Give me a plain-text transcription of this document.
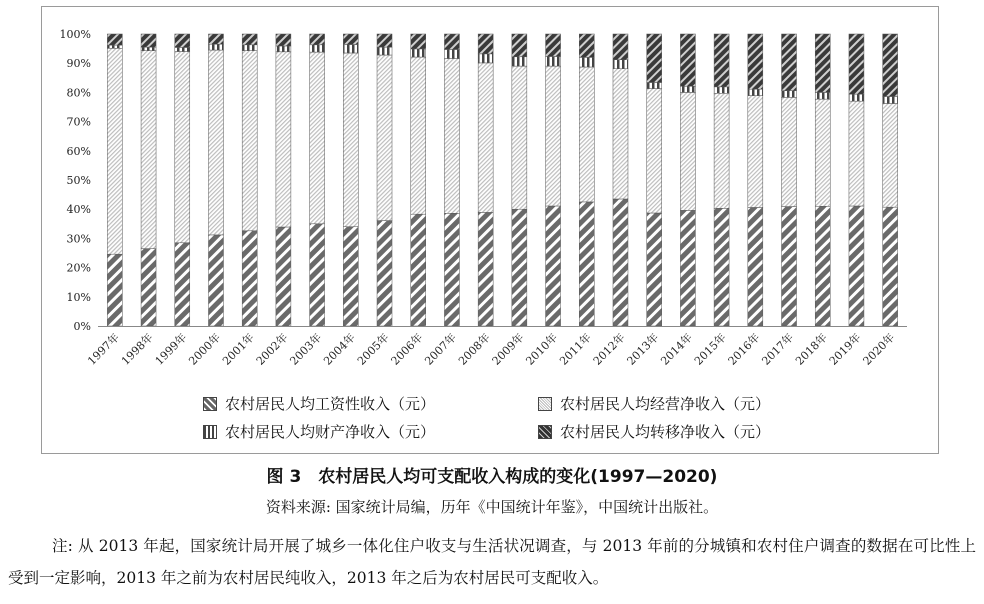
0%
10%
20%
30%
40%
50%
60%
70%
80%
90%
100%
1997年
1998年
1999年
2000年
2001年
2002年
2003年
2004年
2005年
2006年
2007年
2008年
2009年
2010年
2011年
2012年
2013年
2014年
2015年
2016年
2017年
2018年
2019年
2020年
农村居民人均工资性收入（元）	农村居民人均经营净收入（元）
农村居民人均财产净收入（元）	农村居民人均转移净收入（元）
图 3　农村居民人均可支配收入构成的变化(1997—2020)
资料来源: 国家统计局编，历年《中国统计年鉴》，中国统计出版社。
注: 从 2013 年起，国家统计局开展了城乡一体化住户收支与生活状况调查，与 2013 年前的分城镇和农村住户调查的数据在可比性上受到一定影响，2013 年之前为农村居民纯收入，2013 年之后为农村居民可支配收入。
